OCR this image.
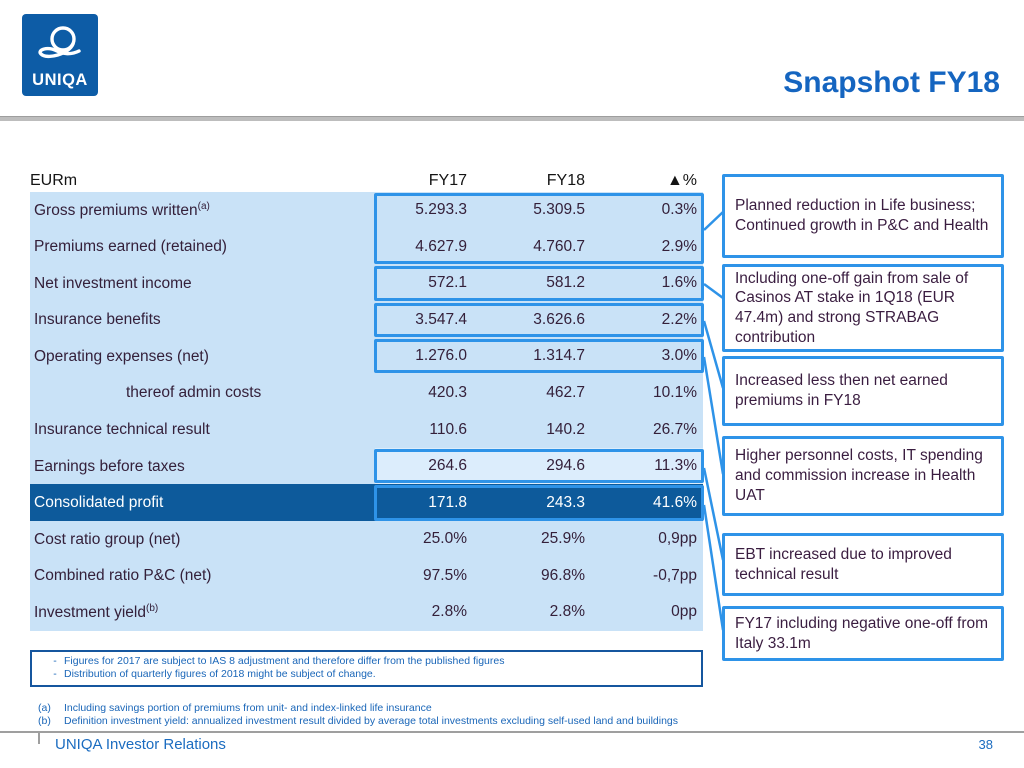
UNIQA	Snapshot FY18
EURm	FY17	FY18	▲%
Gross premiums written$^{(a)}$	5.293.3	5.309.5	0.3%
Premiums earned (retained)	4.627.9	4.760.7	2.9%
Net investment income	572.1	581.2	1.6%
Insurance benefits	3.547.4	3.626.6	2.2%
Operating expenses (net)	1.276.0	1.314.7	3.0%
thereof admin costs	420.3	462.7	10.1%
Insurance technical result	110.6	140.2	26.7%
Earnings before taxes	264.6	294.6	11.3%
Consolidated profit	171.8	243.3	41.6%
Cost ratio group (net)	25.0%	25.9%	0,9pp
Combined ratio P&C (net)	97.5%	96.8%	-0,7pp
Investment yield$^{(b)}$	2.8%	2.8%	0pp
Planned reduction in Life business; Continued growth in P&C and Health
Including one-off gain from sale of Casinos AT stake in 1Q18 (EUR 47.4m) and strong STRABAG contribution
Increased less then net earned premiums in FY18
Higher personnel costs, IT spending and commission increase in Health UAT
EBT increased due to improved technical result
FY17 including negative one-off from Italy 33.1m
- Figures for 2017 are subject to IAS 8 adjustment and therefore differ from the published figures
- Distribution of quarterly figures of 2018 might be subject of change.
(a)	Including savings portion of premiums from unit- and index-linked life insurance
(b)	Definition investment yield: annualized investment result divided by average total investments excluding self-used land and buildings
UNIQA Investor Relations	38
